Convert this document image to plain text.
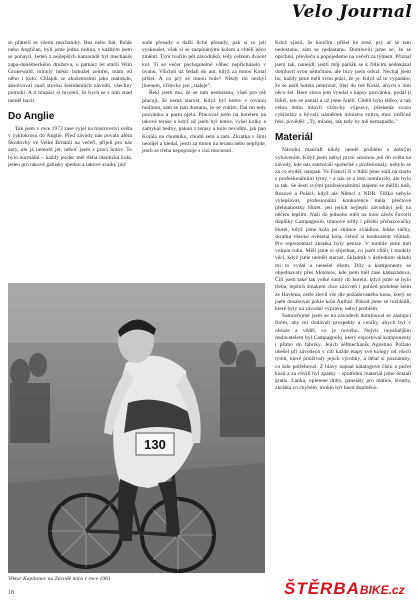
Velo Journal

se přátelil se všemi mechaniky. Rus nebo Ital, Polák nebo Angličan, byli jsme jedna rodina, s každým jsem se pobavil. Jeden z nejlepších kamarádů byl mechanik zapa-doněmeckého družstva, o patnáct let starší Wim Grunewald, minulý měsíc bohužel zemřel, mám od něho i kolo. Chlapík se zkušenostmi jako málokdo, absolvoval snad stovku šestidenních závodů, všechny pomohl. A tí hlupáci si myslelí, že bych se s ním snad neměl bavit.

Do Anglie

Tak jsem v roce 1973 zase vyjel na mistrovství světa v cyklokrosu do Anglie. Před závody nás povala aféra Škodovky ve Velké Británii na večeři, přijeli pro nás auty, ale já nemohl jet, neboť jsem s praci hotov. To bylo normální – každý jezdec měl třeba identická kola, jeden pro takové galusky spedou a takové svadu, jiný

sude přesady a další liché přesady, pak si to jeli vyskoušet, však si se zaspínánými kolem a chtěli něco změnit. Tým tvořilo pět závodníků, tedy celkem dvacet kol. Ti se večer pochopitelně vůbec nepřicházelo v úvahu. Všichni už šedali do aut, když za mnou Kotal přišel. A co prý se mnou hule? Nikdy mi nezbyl jmenem, vždycky jen „staleje".

Řekl jsem mu, že se tam nedostanu, však pro mě pracuji, že nemá starost. Když byl hotov v rovnou hodinou, sám se tam dostanu, že se vrátím. Dal mi tedy pozvánku a partu ojela. Pracoval jsem na hotelem na takové terase a když už jsem byl hotov, vyšel kolky a zamykal hedny, pakun z terasy a kolo nevidím, jak pan Kotála na chodníku, chodil sem a tam. Zkratka v šimi neodjel a hledal, jestli za mnou na terasu nebo nepřijde, jestli se třeba nepopisuje s cizí mocností.

Když zjistil, že končím, přišel ke mně, prý ať se tam nedostanu, sám se nedostanu. Domluvili jsme se, že se oprchnu, převleču a popojedeme na večeři za týmem. Přiznal jsem tak, nanejdl, jestli můj paršák se k řídícím nedokázal domluvit svou němčinou, ale brzy jsem odvzl. Nechal jsem ho, každý jsme měli svou práci, že jo. Když už to vypadalo, že se nedl hotela nehrnout, třetí do mě Kotál, abych s ním něco šel. Bere slova jem vyndal s kapsy pozvánku, podal ji řidiči, ten se usmál a už jsme řetěli. Chtěli bylo těžko, a tak celou dobu mluvil vždycky výpravy, předseda svazu cyklistiky a bývalý náměstek ministra vnitra, moc vstřícně řekl, pověděl: „Ty, mladej, tak tady by mě nemapadlo."

Materiál

Národní mančaft nikdy neměl problém s dobrým vybavením. Když jsem nebyl první sezónou jeli do světa na závody, kde nás startovali společně s profesionály, nebylo se za co stydět, naopak. Ve Francii či v Itálii jsme stáli na startu s profesionálními týmy – a nás se o tom nemluvilo, ale bylo to tak. Se šesti svými profesionálními stájemi se měřili naši, Rusové a Poláci, když ale Němci z NDR. Těžko nebylo vylepšovat, profesionální konkurence měla přečtové přehnanostky Huret, jen jejich nejlepší závodníci jeli na něčem lepším. Naši do jednoho měli na kolo závěs Favorit doplňky Campagnolo, titanové střdy i přední přehazovačky Huret, když jsme kola po stránce zvládlou, lehké ráčky, skratka všecko ověsená kola, čehož si konkurenti všímali. Pro reprezentaci zkratka byly peníze. V tomhle jsme měl volnou ruku. Měli jsme si objednat, co jsem chtěl, i modely věcí, když jsme neměli starost. Skladník v ústředním skladu mi to vydal a nenešel okem. Díly a komponenty se objednávaly přes Motokov, kde jsem měl zase kamarádova. Čili jsem také tak velké sumy do hotelu, když jsme se bylo třeba, lepších šmakem chce zároveň i pohled podobné šelm ze Havlena, ostře zlevil vše dle požadovaného kosu, který se jsem dosahoval pokle kola Author. Pokud jsme se rozhlédli, které byly na závodní výprave, nebyl problém.

Samozřejmě jsem se na závodech domlouval se zástupci firem, aby mi dodávali prospekty a ceníky, abych byl v obraze a věděl, co je nového. Nejvíc nejsilnějším dodavatelem byl Campagnolo, který exportoval komponenty i přímo do fabriky. Jejich šéfmechanik Agostino Pollato obešel při závodech v cíli každé etapy své kolegy od všech týmů, které používaly jejich výrobky, a dělal si poznámky, co kdo potřeboval. Z hlavy napsal katalogové číslo a počet kusů a za chvíli byl zpátky – spotřební materiál jsme dostali gratis. Lanka, opletené dráty, paneláty pro matice, šrouby, zkrátka co chybělo, mohlo být hned doplněno.

130
Viktor Kapitonov na Závodě míru v roce 1961
18	ŠTĚRBABIKE.cz
